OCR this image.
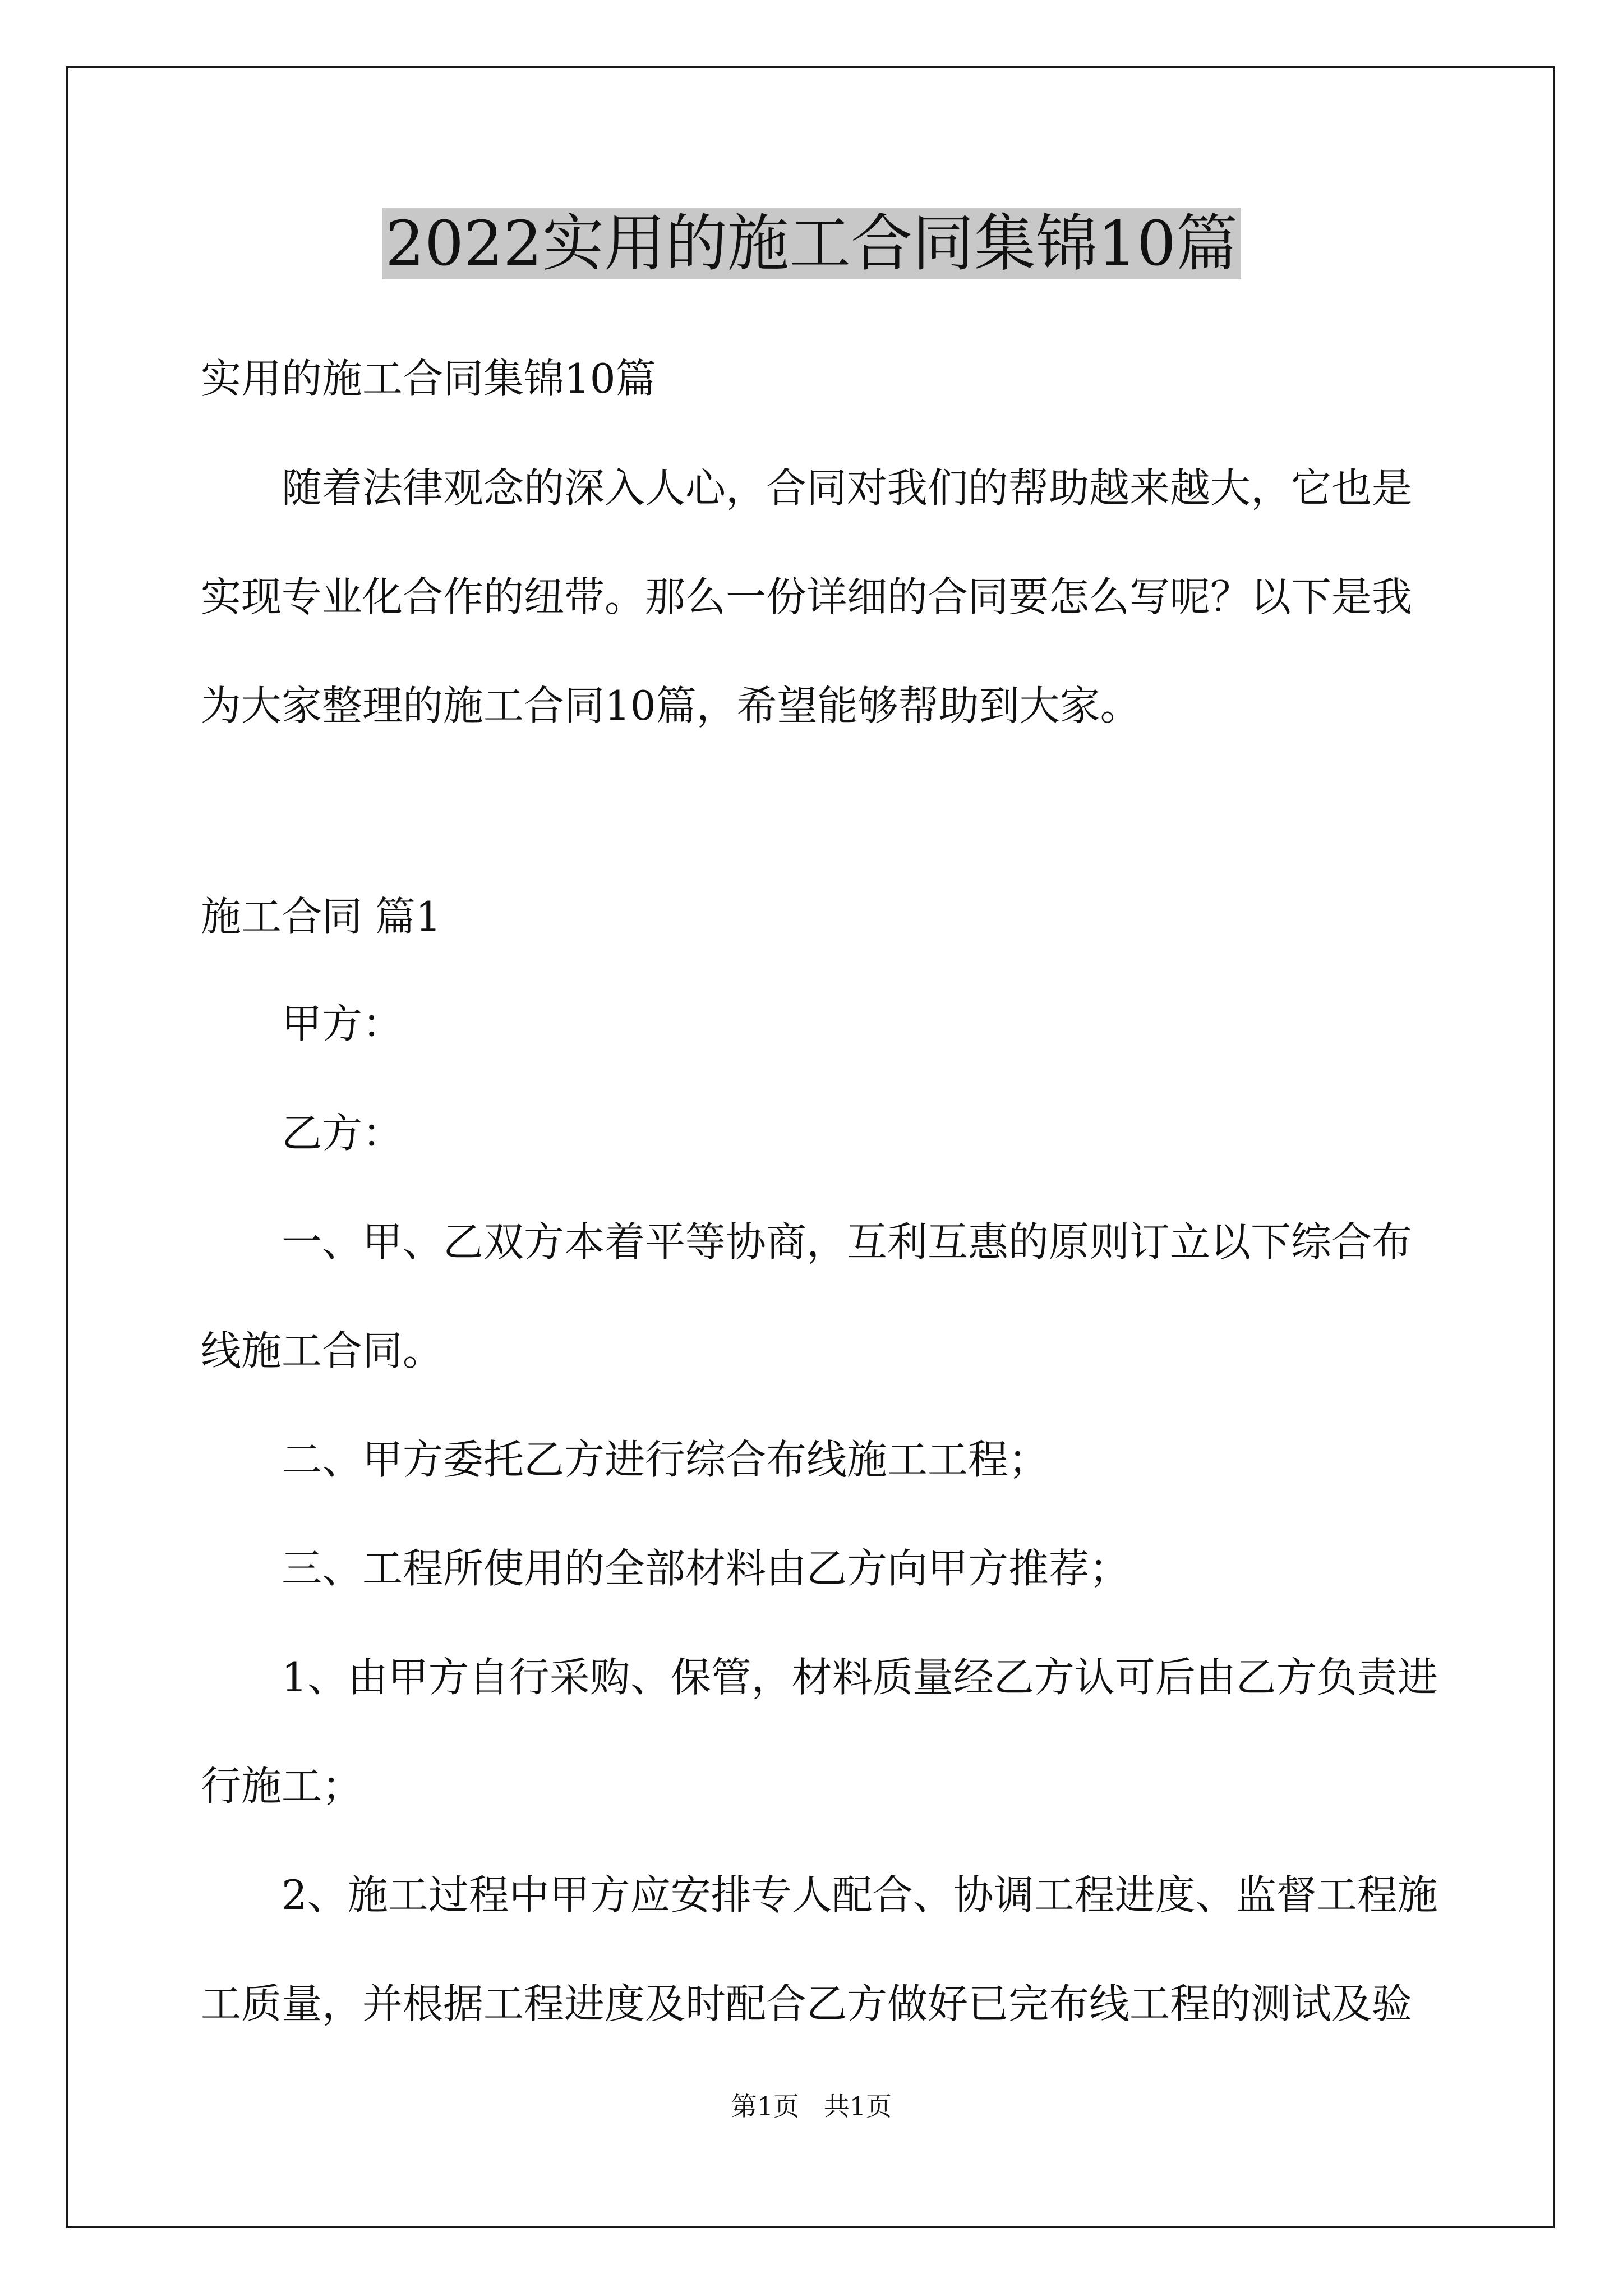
2022实用的施工合同集锦10篇

实用的施工合同集锦10篇

随着法律观念的深入人心，合同对我们的帮助越来越大，它也是

实现专业化合作的纽带。那么一份详细的合同要怎么写呢？以下是我

为大家整理的施工合同10篇，希望能够帮助到大家。

施工合同 篇1

甲方：

乙方：

一、甲、乙双方本着平等协商，互利互惠的原则订立以下综合布

线施工合同。

二、甲方委托乙方进行综合布线施工工程；

三、工程所使用的全部材料由乙方向甲方推荐；

1、由甲方自行采购、保管，材料质量经乙方认可后由乙方负责进

行施工；

2、施工过程中甲方应安排专人配合、协调工程进度、监督工程施

工质量，并根据工程进度及时配合乙方做好已完布线工程的测试及验

第1页   共1页
